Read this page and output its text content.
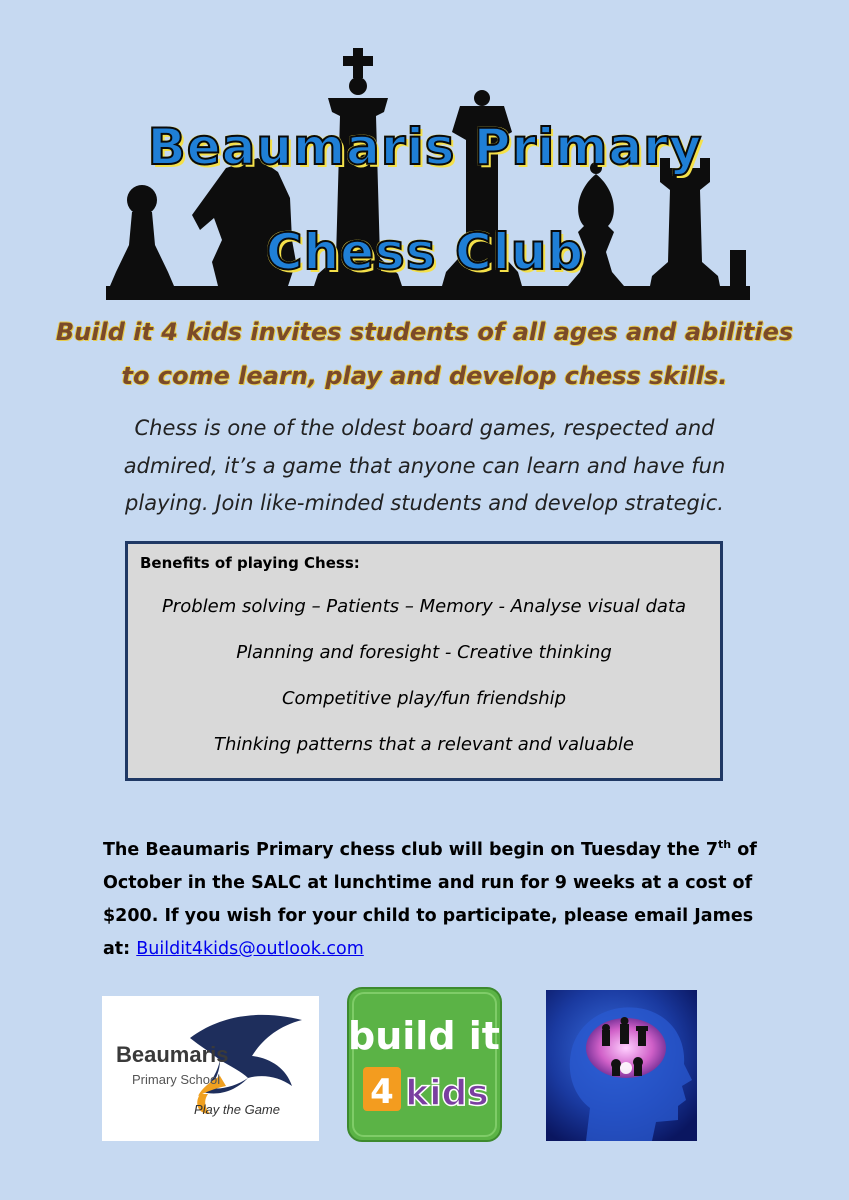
Beaumaris Primary
Chess Club
Build it 4 kids invites students of all ages and abilities
to come learn, play and develop chess skills.
Chess is one of the oldest board games, respected and
admired, it’s a game that anyone can learn and have fun
playing. Join like-minded students and develop strategic.
Benefits of playing Chess:
Problem solving – Patients – Memory - Analyse visual data
Planning and foresight - Creative thinking
Competitive play/fun friendship
Thinking patterns that a relevant and valuable
The Beaumaris Primary chess club will begin on Tuesday the 7th of
October in the SALC at lunchtime and run for 9 weeks at a cost of
$200. If you wish for your child to participate, please email James
at: Buildit4kids@outlook.com
Beaumaris
Primary School
Play the Game
build it
4 kids
